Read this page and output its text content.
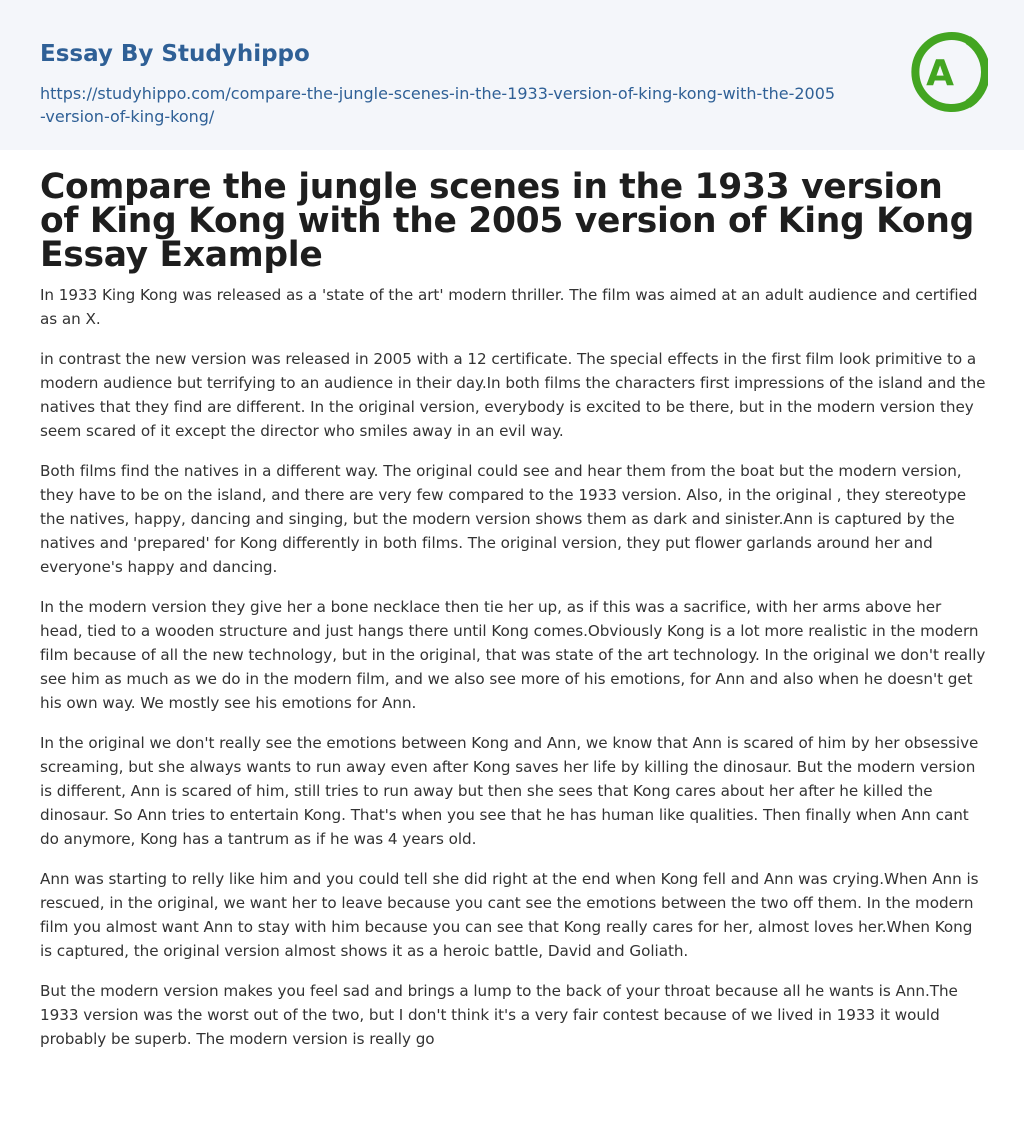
Essay By Studyhippo
https://studyhippo.com/compare-the-jungle-scenes-in-the-1933-version-of-king-kong-with-the-2005-version-of-king-kong/
A
Compare the jungle scenes in the 1933 version of King Kong with the 2005 version of King Kong Essay Example

In 1933 King Kong was released as a 'state of the art' modern thriller. The film was aimed at an adult audience and certified as an X.

in contrast the new version was released in 2005 with a 12 certificate. The special effects in the first film look primitive to a modern audience but terrifying to an audience in their day.In both films the characters first impressions of the island and the natives that they find are different. In the original version, everybody is excited to be there, but in the modern version they seem scared of it except the director who smiles away in an evil way.

Both films find the natives in a different way. The original could see and hear them from the boat but the modern version, they have to be on the island, and there are very few compared to the 1933 version. Also, in the original , they stereotype the natives, happy, dancing and singing, but the modern version shows them as dark and sinister.Ann is captured by the natives and 'prepared' for Kong differently in both films. The original version, they put flower garlands around her and everyone's happy and dancing.

In the modern version they give her a bone necklace then tie her up, as if this was a sacrifice, with her arms above her head, tied to a wooden structure and just hangs there until Kong comes.Obviously Kong is a lot more realistic in the modern film because of all the new technology, but in the original, that was state of the art technology. In the original we don't really see him as much as we do in the modern film, and we also see more of his emotions, for Ann and also when he doesn't get his own way. We mostly see his emotions for Ann.

In the original we don't really see the emotions between Kong and Ann, we know that Ann is scared of him by her obsessive screaming, but she always wants to run away even after Kong saves her life by killing the dinosaur. But the modern version is different, Ann is scared of him, still tries to run away but then she sees that Kong cares about her after he killed the dinosaur. So Ann tries to entertain Kong. That's when you see that he has human like qualities. Then finally when Ann cant do anymore, Kong has a tantrum as if he was 4 years old.

Ann was starting to relly like him and you could tell she did right at the end when Kong fell and Ann was crying.When Ann is rescued, in the original, we want her to leave because you cant see the emotions between the two off them. In the modern film you almost want Ann to stay with him because you can see that Kong really cares for her, almost loves her.When Kong is captured, the original version almost shows it as a heroic battle, David and Goliath.

But the modern version makes you feel sad and brings a lump to the back of your throat because all he wants is Ann.The 1933 version was the worst out of the two, but I don't think it's a very fair contest because of we lived in 1933 it would probably be superb. The modern version is really go
